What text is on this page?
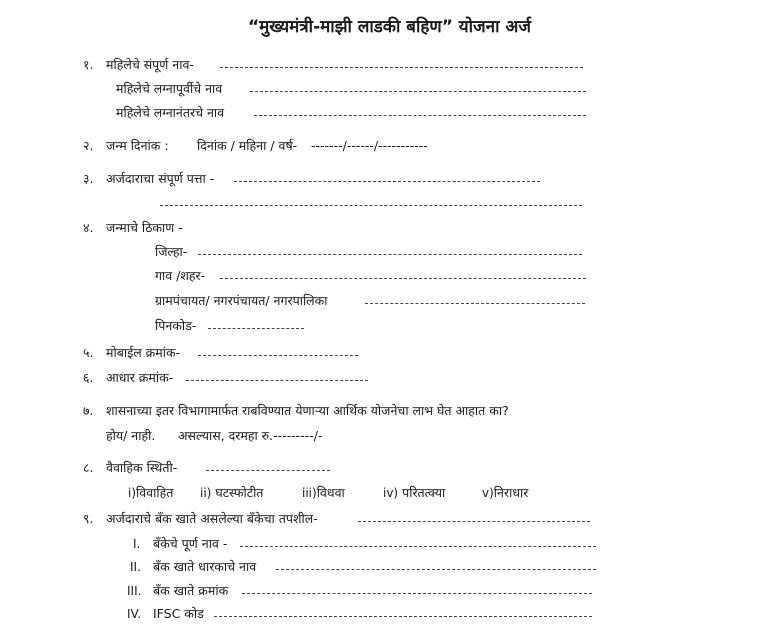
“मुख्यमंत्री-माझी लाडकी बहिण” योजना अर्ज
१. महिलेचे संपूर्ण नाव-
महिलेचे लग्नापूर्वीचे नाव
महिलेचे लग्नानंतरचे नाव
२. जन्म दिनांक : दिनांक / महिना / वर्ष- -------/------/-----------
३. अर्जदाराचा संपूर्ण पत्ता -
४. जन्माचे ठिकाण -
जिल्हा-
गाव /शहर-
ग्रामपंचायत/ नगरपंचायत/ नगरपालिका
पिनकोड-
५. मोबाईल क्रमांक-
६. आधार क्रमांक-
७. शासनाच्या इतर विभागामार्फत राबविण्यात येणाऱ्या आर्थिक योजनेचा लाभ घेत आहात का?
होय/ नाही. असल्यास, दरमहा रु.---------/-
८. वैवाहिक स्थिती-
i)विवाहित ii) घटस्फोटीत	iii)विधवा	iv) परितत्क्या	v)निराधार
९. अर्जदाराचे बँक खाते असलेल्या बँकेचा तपशील-
I. बँकेचे पूर्ण नाव -
II. बँक खाते धारकाचे नाव
III. बँक खाते क्रमांक
IV. IFSC कोड
